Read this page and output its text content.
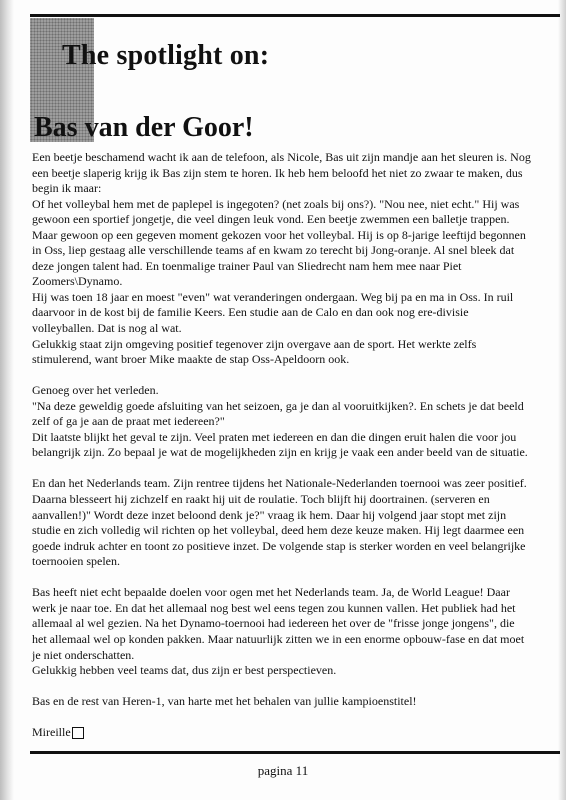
The spotlight on:
Bas van der Goor!

Een beetje beschamend wacht ik aan de telefoon, als Nicole, Bas uit zijn mandje aan het sleuren is. Nog een beetje slaperig krijg ik Bas zijn stem te horen. Ik heb hem beloofd het niet zo zwaar te maken, dus begin ik maar:

Of het volleybal hem met de paplepel is ingegoten? (net zoals bij ons?). "Nou nee, niet echt." Hij was gewoon een sportief jongetje, die veel dingen leuk vond. Een beetje zwemmen een balletje trappen. Maar gewoon op een gegeven moment gekozen voor het volleybal. Hij is op 8-jarige leeftijd begonnen in Oss, liep gestaag alle verschillende teams af en kwam zo terecht bij Jong-oranje. Al snel bleek dat deze jongen talent had. En toenmalige trainer Paul van Sliedrecht nam hem mee naar Piet Zoomers\Dynamo.

Hij was toen 18 jaar en moest "even" wat veranderingen ondergaan. Weg bij pa en ma in Oss. In ruil daarvoor in de kost bij de familie Keers. Een studie aan de Calo en dan ook nog ere-divisie volleyballen. Dat is nog al wat.

Gelukkig staat zijn omgeving positief tegenover zijn overgave aan de sport. Het werkte zelfs stimulerend, want broer Mike maakte de stap Oss-Apeldoorn ook.

Genoeg over het verleden.

"Na deze geweldig goede afsluiting van het seizoen, ga je dan al vooruitkijken?. En schets je dat beeld zelf of ga je aan de praat met iedereen?"

Dit laatste blijkt het geval te zijn. Veel praten met iedereen en dan die dingen eruit halen die voor jou belangrijk zijn. Zo bepaal je wat de mogelijkheden zijn en krijg je vaak een ander beeld van de situatie.

En dan het Nederlands team. Zijn rentree tijdens het Nationale-Nederlanden toernooi was zeer positief. Daarna blesseert hij zichzelf en raakt hij uit de roulatie. Toch blijft hij doortrainen. (serveren en aanvallen!)" Wordt deze inzet beloond denk je?" vraag ik hem. Daar hij volgend jaar stopt met zijn studie en zich volledig wil richten op het volleybal, deed hem deze keuze maken. Hij legt daarmee een goede indruk achter en toont zo positieve inzet. De volgende stap is sterker worden en veel belangrijke toernooien spelen.

Bas heeft niet echt bepaalde doelen voor ogen met het Nederlands team. Ja, de World League! Daar werk je naar toe. En dat het allemaal nog best wel eens tegen zou kunnen vallen. Het publiek had het allemaal al wel gezien. Na het Dynamo-toernooi had iedereen het over de "frisse jonge jongens", die het allemaal wel op konden pakken. Maar natuurlijk zitten we in een enorme opbouw-fase en dat moet je niet onderschatten.

Gelukkig hebben veel teams dat, dus zijn er best perspectieven.

Bas en de rest van Heren-1, van harte met het behalen van jullie kampioenstitel!

Mireille

pagina 11
